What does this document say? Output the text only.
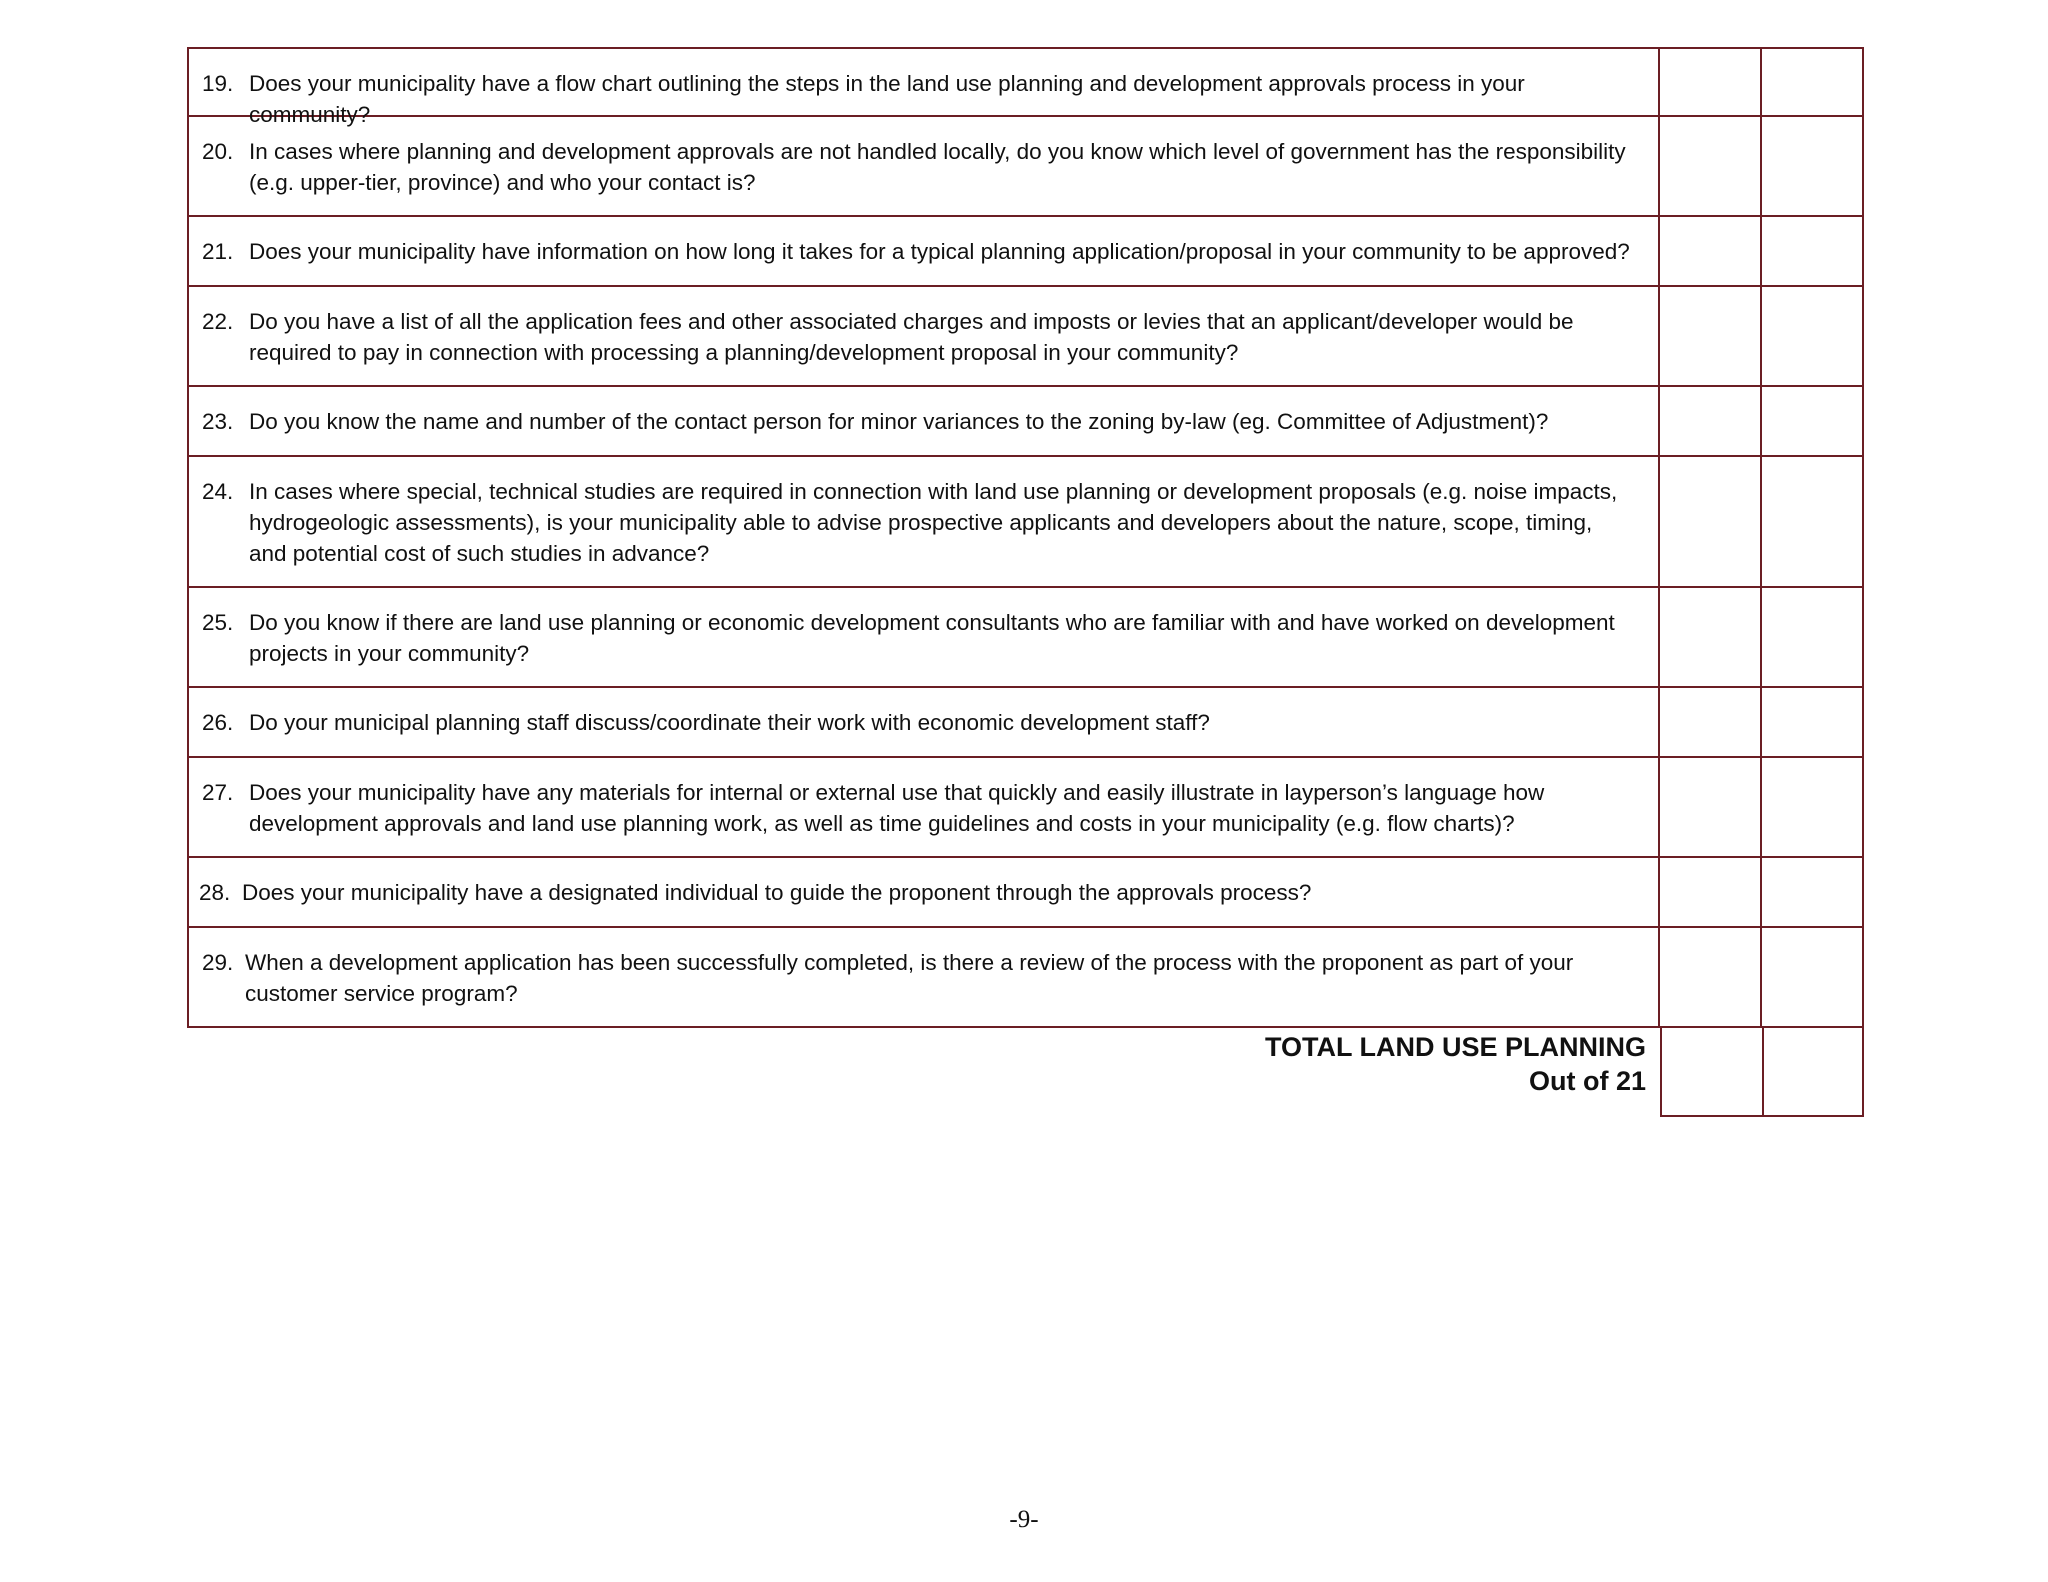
19. Does your municipality have a flow chart outlining the steps in the land use planning and development approvals process in your community?
20. In cases where planning and development approvals are not handled locally, do you know which level of government has the responsibility (e.g. upper-tier, province) and who your contact is?
21. Does your municipality have information on how long it takes for a typical planning application/proposal in your community to be approved?
22. Do you have a list of all the application fees and other associated charges and imposts or levies that an applicant/developer would be required to pay in connection with processing a planning/development proposal in your community?
23. Do you know the name and number of the contact person for minor variances to the zoning by-law (eg. Committee of Adjustment)?
24. In cases where special, technical studies are required in connection with land use planning or development proposals (e.g. noise impacts, hydrogeologic assessments), is your municipality able to advise prospective applicants and developers about the nature, scope, timing, and potential cost of such studies in advance?
25. Do you know if there are land use planning or economic development consultants who are familiar with and have worked on development projects in your community?
26. Do your municipal planning staff discuss/coordinate their work with economic development staff?
27. Does your municipality have any materials for internal or external use that quickly and easily illustrate in layperson’s language how development approvals and land use planning work, as well as time guidelines and costs in your municipality (e.g. flow charts)?
28. Does your municipality have a designated individual to guide the proponent through the approvals process?
29. When a development application has been successfully completed, is there a review of the process with the proponent as part of your customer service program?
TOTAL LAND USE PLANNING
Out of 21
-9-
